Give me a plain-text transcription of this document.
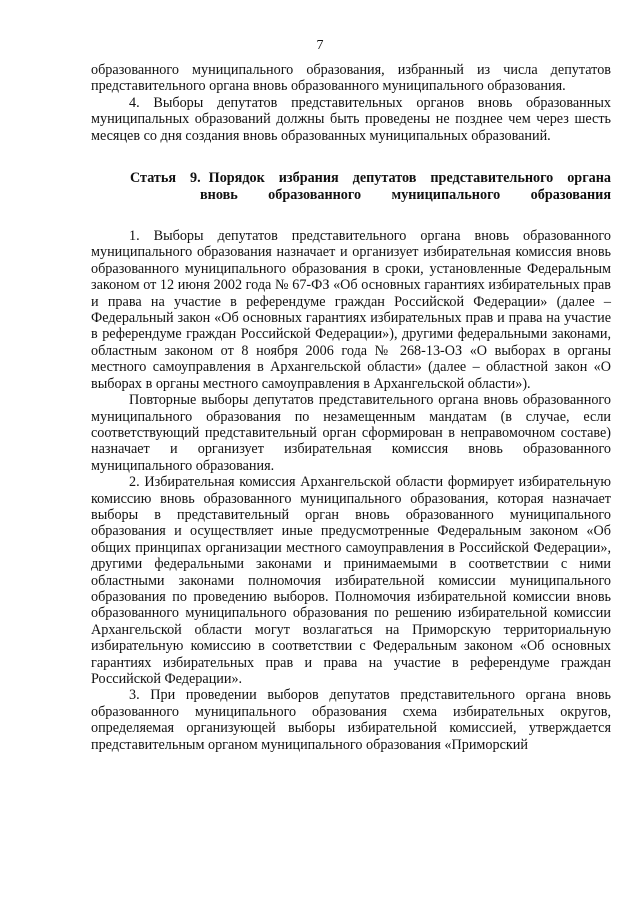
7

образованного муниципального образования, избранный из числа депутатов представительного органа вновь образованного муниципального образования.

4. Выборы депутатов представительных органов вновь образованных муниципальных образований должны быть проведены не позднее чем через шесть месяцев со дня создания вновь образованных муниципальных образований.

Статья 9. Порядок избрания депутатов представительного органа
вновь образованного муниципального образования

1. Выборы депутатов представительного органа вновь образованного муниципального образования назначает и организует избирательная комиссия вновь образованного муниципального образования в сроки, установленные Федеральным законом от 12 июня 2002 года № 67-ФЗ «Об основных гарантиях избирательных прав и права на участие в референдуме граждан Российской Федерации» (далее – Федеральный закон «Об основных гарантиях избирательных прав и права на участие в референдуме граждан Российской Федерации»), другими федеральными законами, областным законом от 8 ноября 2006 года № 268-13-ОЗ «О выборах в органы местного самоуправления в Архангельской области» (далее – областной закон «О выборах в органы местного самоуправления в Архангельской области»).

Повторные выборы депутатов представительного органа вновь образованного муниципального образования по незамещенным мандатам (в случае, если соответствующий представительный орган сформирован в неправомочном составе) назначает и организует избирательная комиссия вновь образованного муниципального образования.

2. Избирательная комиссия Архангельской области формирует избирательную комиссию вновь образованного муниципального образования, которая назначает выборы в представительный орган вновь образованного муниципального образования и осуществляет иные предусмотренные Федеральным законом «Об общих принципах организации местного самоуправления в Российской Федерации», другими федеральными законами и принимаемыми в соответствии с ними областными законами полномочия избирательной комиссии муниципального образования по проведению выборов. Полномочия избирательной комиссии вновь образованного муниципального образования по решению избирательной комиссии Архангельской области могут возлагаться на Приморскую территориальную избирательную комиссию в соответствии с Федеральным законом «Об основных гарантиях избирательных прав и права на участие в референдуме граждан Российской Федерации».

3. При проведении выборов депутатов представительного органа вновь образованного муниципального образования схема избирательных округов, определяемая организующей выборы избирательной комиссией, утверждается представительным органом муниципального образования «Приморский
